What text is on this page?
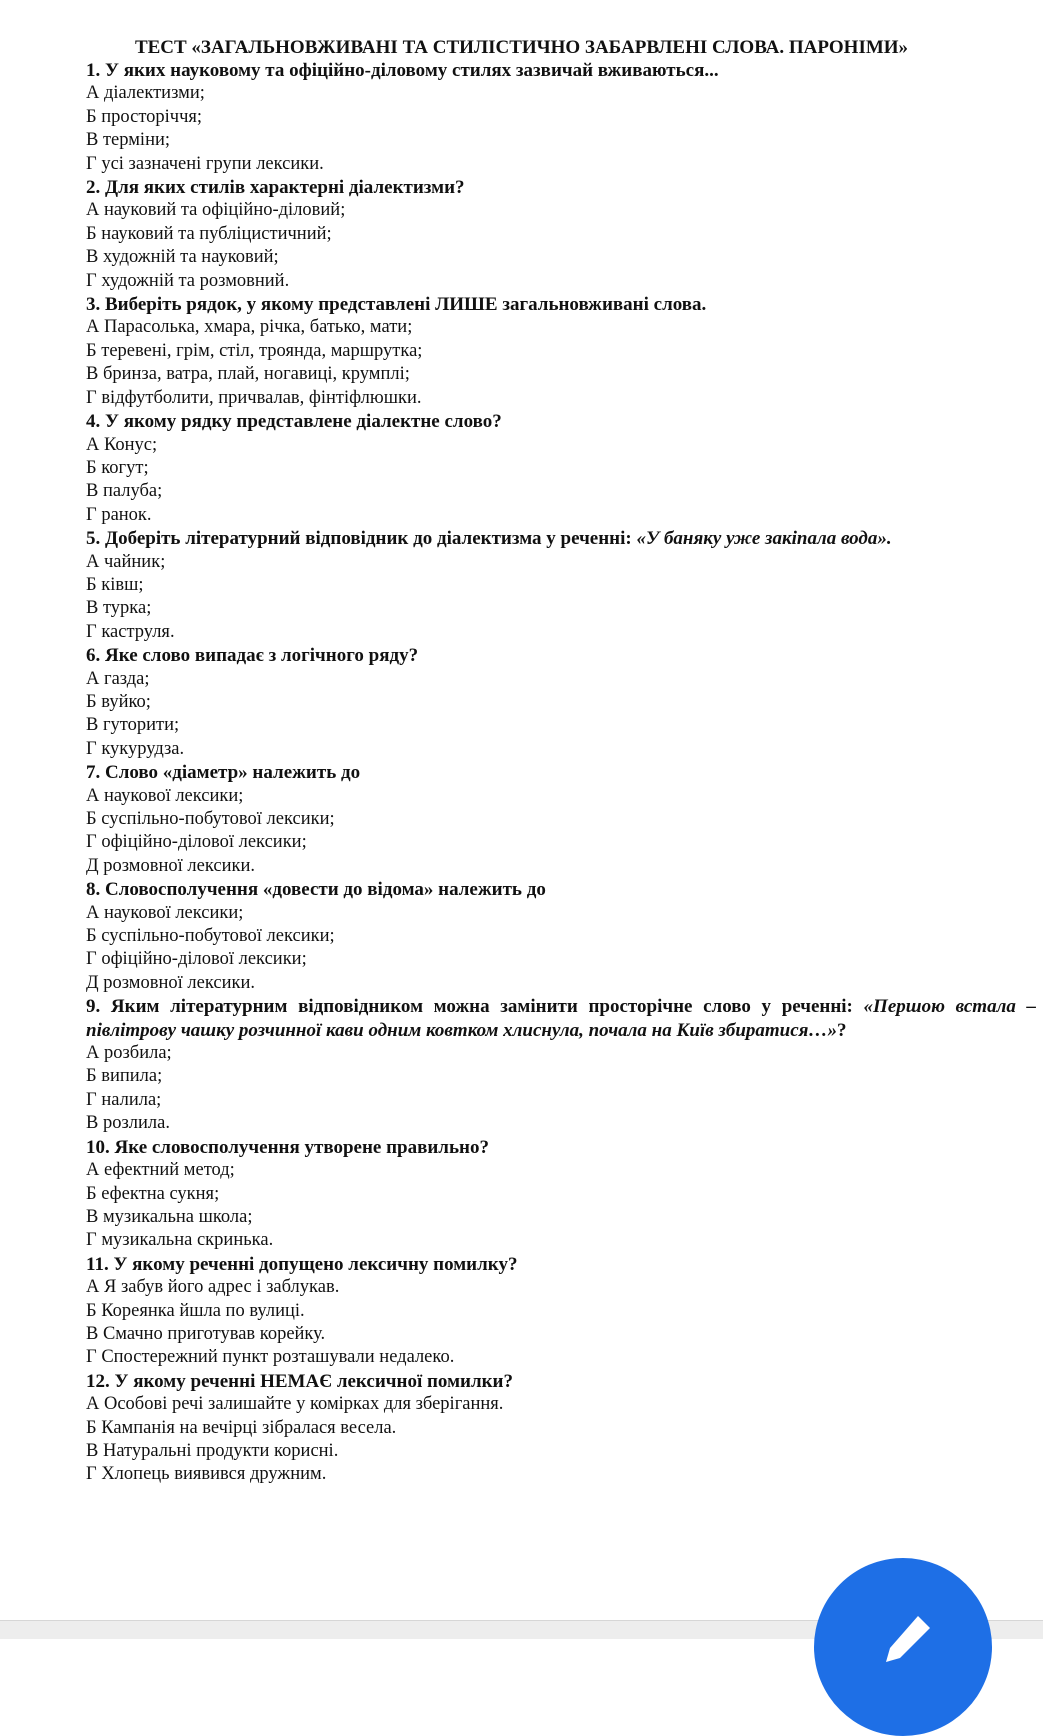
ТЕСТ «ЗАГАЛЬНОВЖИВАНІ ТА СТИЛІСТИЧНО ЗАБАРВЛЕНІ СЛОВА. ПАРОНІМИ»
1. У яких науковому та офіційно-діловому стилях зазвичай вживаються...
А діалектизми;
Б просторіччя;
В терміни;
Г усі зазначені групи лексики.
2. Для яких стилів характерні діалектизми?
А науковий та офіційно-діловий;
Б науковий та публіцистичний;
В художній та науковий;
Г художній та розмовний.
3. Виберіть рядок, у якому представлені ЛИШЕ загальновживані слова.
А Парасолька, хмара, річка, батько, мати;
Б теревені, грім, стіл, троянда, маршрутка;
В бринза, ватра, плай, ногавиці, крумплі;
Г відфутболити, причвалав, фінтіфлюшки.
4. У якому рядку представлене діалектне слово?
А Конус;
Б когут;
В палуба;
Г ранок.
5. Доберіть літературний відповідник до діалектизма у реченні: «У баняку уже закіпала вода».
А чайник;
Б ківш;
В турка;
Г каструля.
6. Яке слово випадає з логічного ряду?
А газда;
Б вуйко;
В гуторити;
Г кукурудза.
7. Слово «діаметр» належить до
А наукової лексики;
Б суспільно-побутової лексики;
Г офіційно-ділової лексики;
Д розмовної лексики.
8. Словосполучення «довести до відома» належить до
А наукової лексики;
Б суспільно-побутової лексики;
Г офіційно-ділової лексики;
Д розмовної лексики.
9. Яким літературним відповідником можна замінити просторічне слово у реченні: «Першою встала – півлітрову чашку розчинної кави одним ковтком хлиснула, почала на Київ збиратися…»?
А розбила;
Б випила;
Г налила;
В розлила.
10. Яке словосполучення утворене правильно?
А ефектний метод;
Б ефектна сукня;
В музикальна школа;
Г музикальна скринька.
11. У якому реченні допущено лексичну помилку?
А Я забув його адрес і заблукав.
Б Кореянка йшла по вулиці.
В Смачно приготував корейку.
Г Спостережний пункт розташували недалеко.
12. У якому реченні НЕМАЄ лексичної помилки?
А Особові речі залишайте у комірках для зберігання.
Б Кампанія на вечірці зібралася весела.
В Натуральні продукти корисні.
Г Хлопець виявився дружним.
